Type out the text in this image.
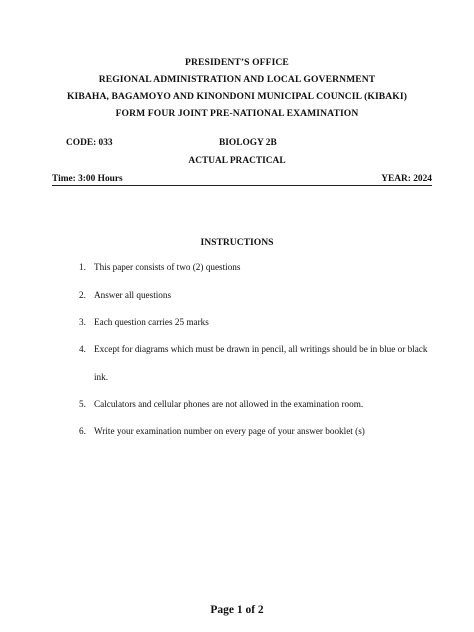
PRESIDENT’S OFFICE
REGIONAL ADMINISTRATION AND LOCAL GOVERNMENT
KIBAHA, BAGAMOYO AND KINONDONI MUNICIPAL COUNCIL (KIBAKI)
FORM FOUR JOINT PRE-NATIONAL EXAMINATION
CODE: 033	BIOLOGY 2B
ACTUAL PRACTICAL
Time: 3:00 Hours	YEAR: 2024
INSTRUCTIONS
1. This paper consists of two (2) questions
2. Answer all questions
3. Each question carries 25 marks
4. Except for diagrams which must be drawn in pencil, all writings should be in blue or black
ink.
5. Calculators and cellular phones are not allowed in the examination room.
6. Write your examination number on every page of your answer booklet (s)
Page 1 of 2
